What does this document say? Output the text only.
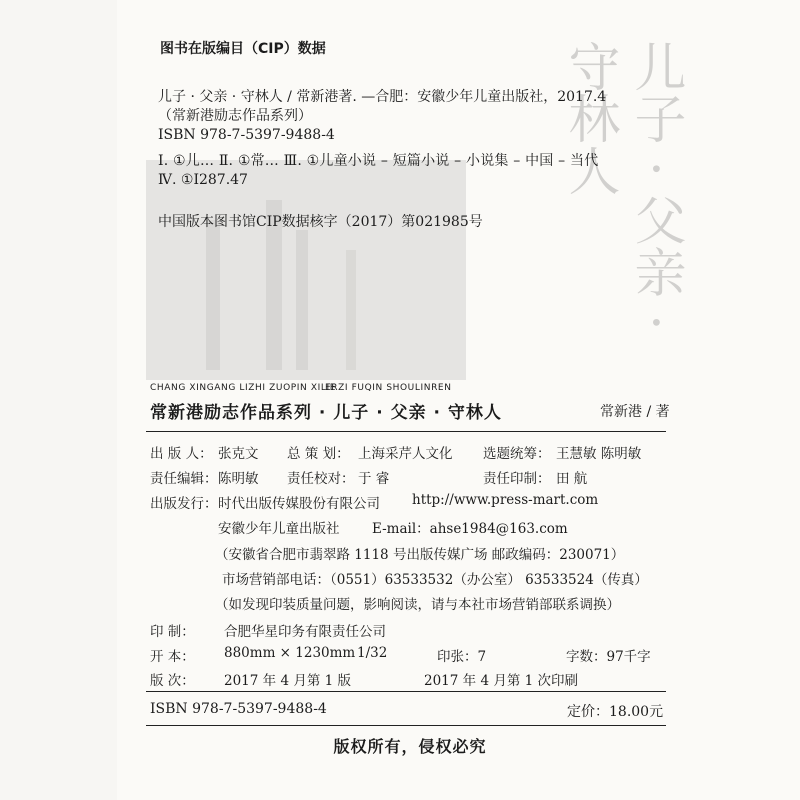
图书在版编目（CIP）数据
儿子 · 父亲 · 守林人 / 常新港著. —合肥：安徽少年儿童出版社，2017.4
（常新港励志作品系列）
ISBN 978-7-5397-9488-4
Ⅰ. ①儿… Ⅱ. ①常… Ⅲ. ①儿童小说 – 短篇小说 – 小说集 – 中国 – 当代
Ⅳ. ①I287.47
中国版本图书馆CIP数据核字（2017）第021985号
CHANG XINGANG LIZHI ZUOPIN XILIE
ERZI FUQIN SHOULINREN
常新港励志作品系列 · 儿子 · 父亲 · 守林人	常新港 / 著
出 版 人： 张克文 总 策 划： 上海采芹人文化 选题统筹： 王慧敏 陈明敏
责任编辑： 陈明敏 责任校对： 于 睿	责任印制： 田 航
出版发行： 时代出版传媒股份有限公司 http://www.press-mart.com
安徽少年儿童出版社 E-mail：ahse1984@163.com
（安徽省合肥市翡翠路 1118 号出版传媒广场 邮政编码：230071）
市场营销部电话：（0551）63533532（办公室） 63533524（传真）
（如发现印装质量问题，影响阅读，请与本社市场营销部联系调换）
印 制： 合肥华星印务有限责任公司
开 本： 880mm × 1230mm 1/32	印张：7	字数：97千字
版 次： 2017 年 4 月第 1 版	2017 年 4 月第 1 次印刷
ISBN 978-7-5397-9488-4	定价：18.00元
版权所有，侵权必究
